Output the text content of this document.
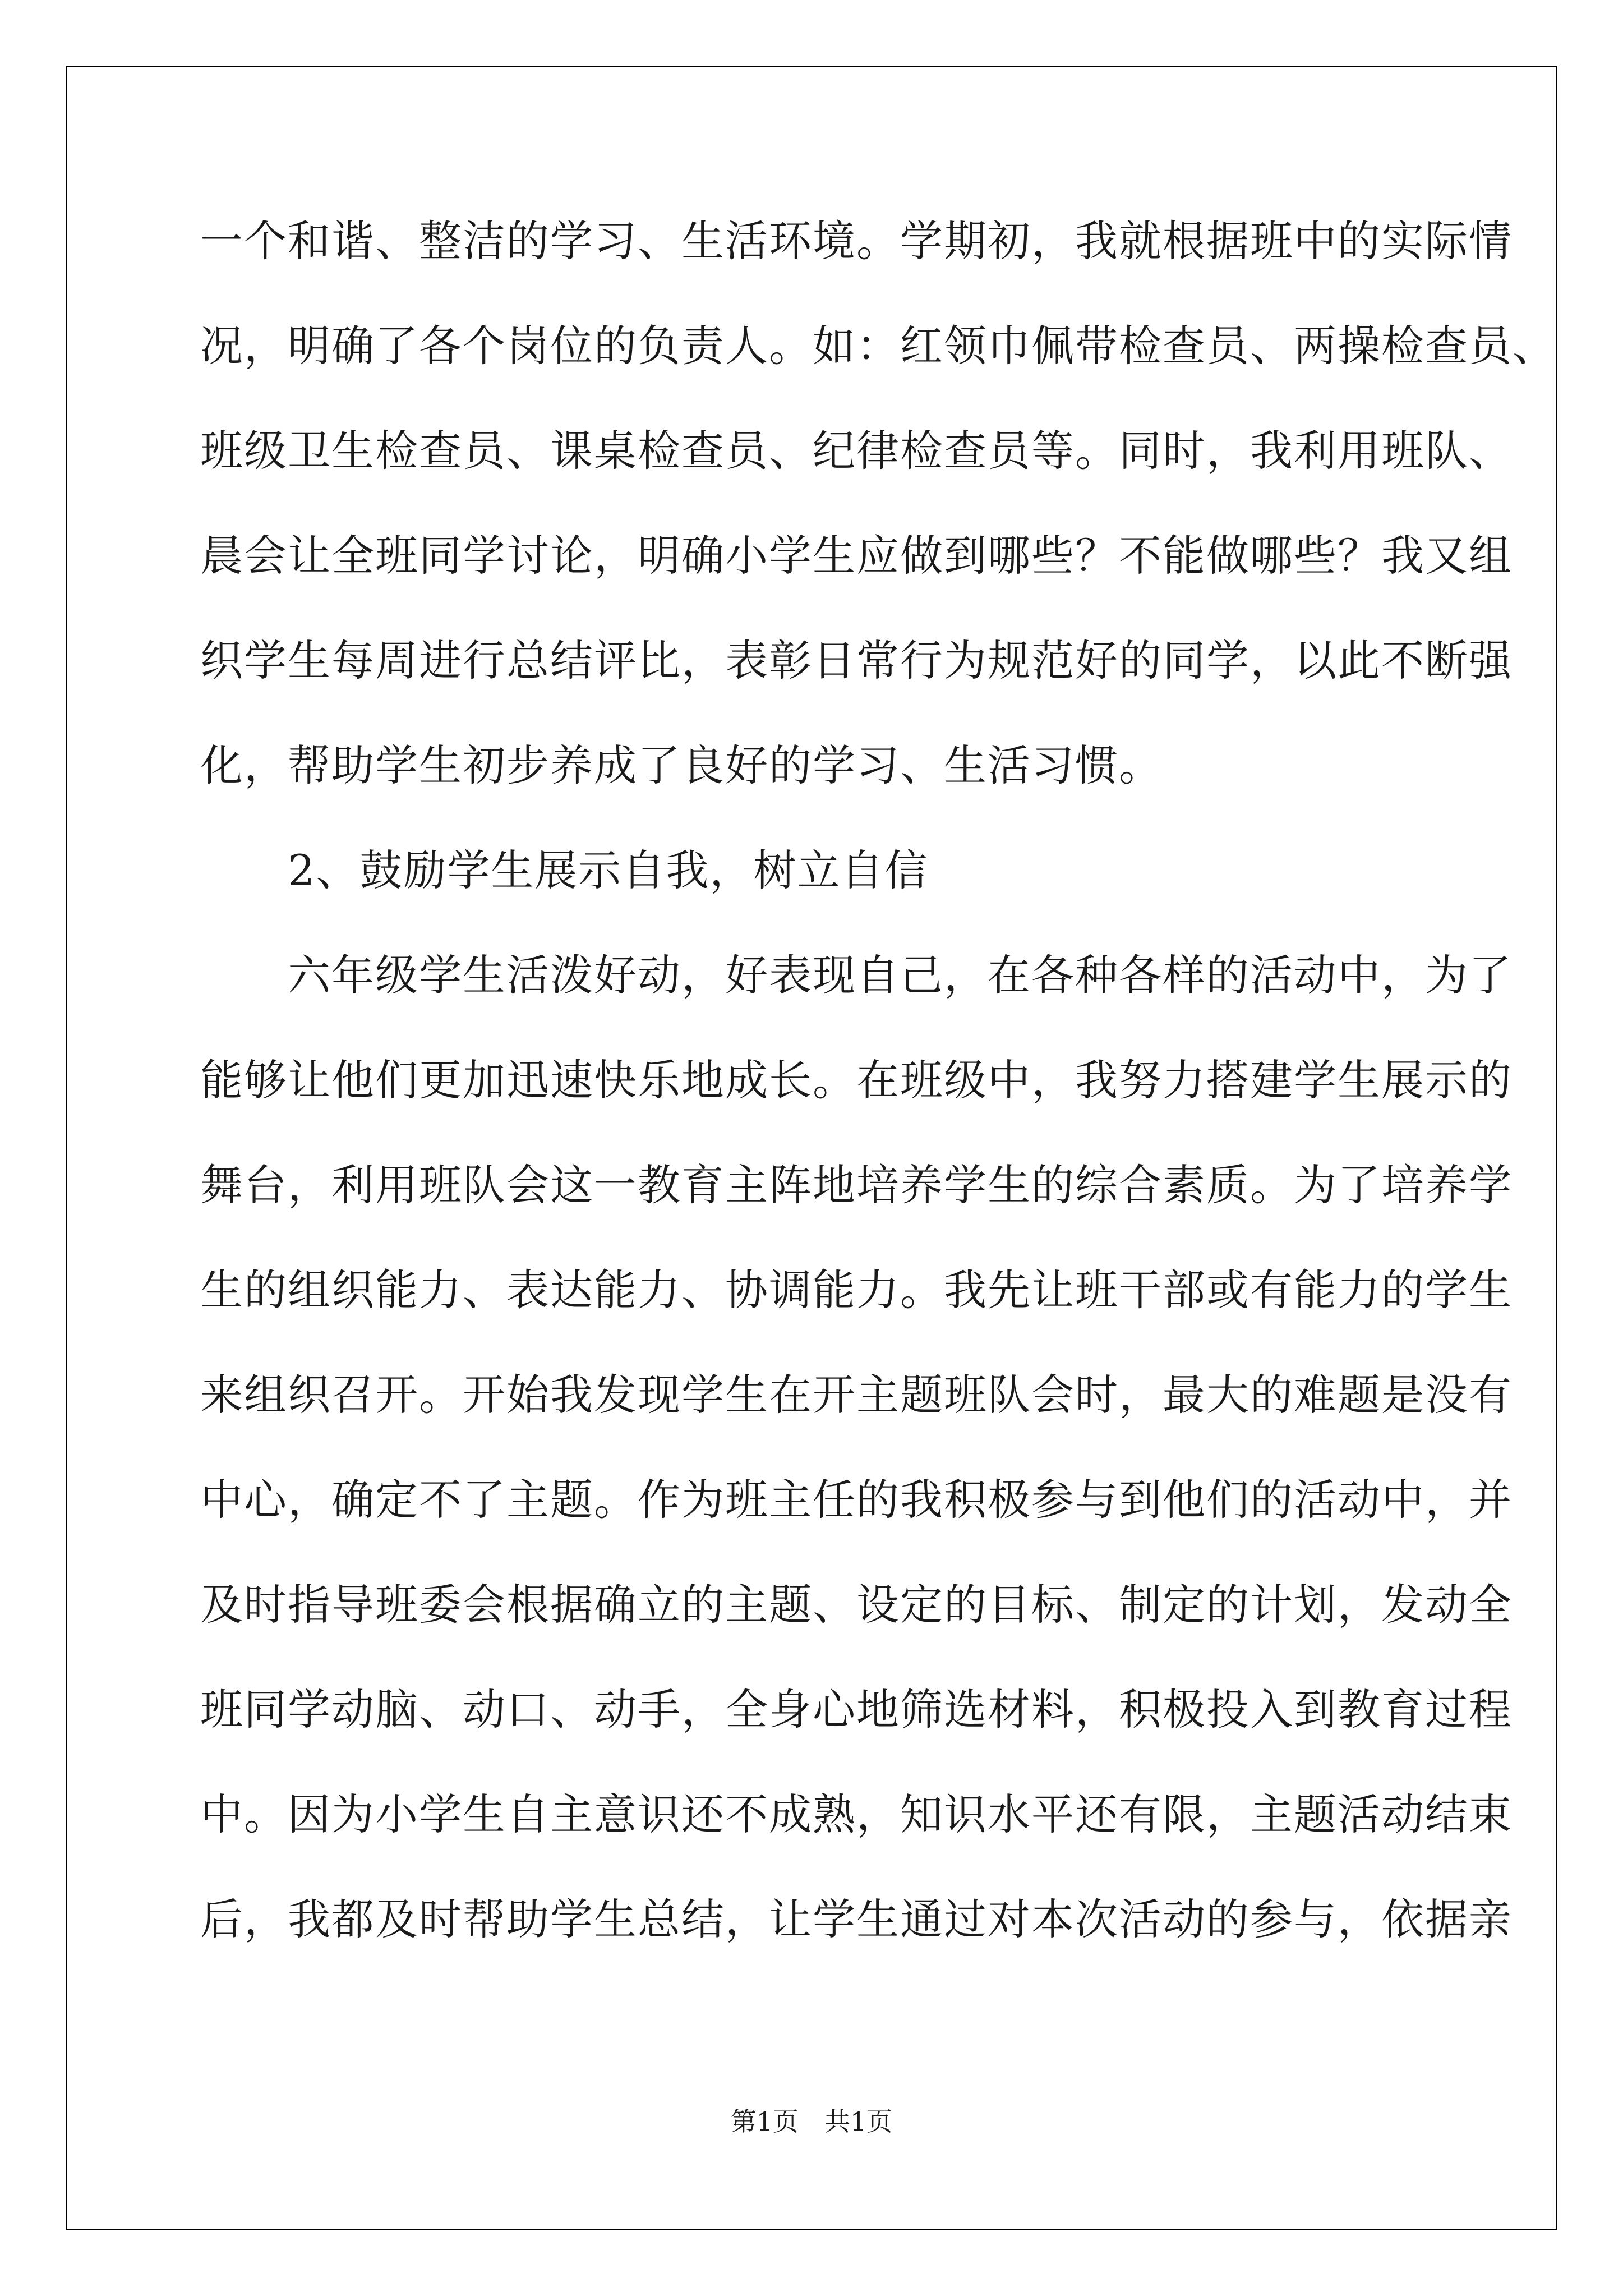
一个和谐、整洁的学习、生活环境。学期初，我就根据班中的实际情
况，明确了各个岗位的负责人。如：红领巾佩带检查员、两操检查员、
班级卫生检查员、课桌检查员、纪律检查员等。同时，我利用班队、
晨会让全班同学讨论，明确小学生应做到哪些？不能做哪些？我又组
织学生每周进行总结评比，表彰日常行为规范好的同学，以此不断强
化，帮助学生初步养成了良好的学习、生活习惯。
　　2、鼓励学生展示自我，树立自信
　　六年级学生活泼好动，好表现自己，在各种各样的活动中，为了
能够让他们更加迅速快乐地成长。在班级中，我努力搭建学生展示的
舞台，利用班队会这一教育主阵地培养学生的综合素质。为了培养学
生的组织能力、表达能力、协调能力。我先让班干部或有能力的学生
来组织召开。开始我发现学生在开主题班队会时，最大的难题是没有
中心，确定不了主题。作为班主任的我积极参与到他们的活动中，并
及时指导班委会根据确立的主题、设定的目标、制定的计划，发动全
班同学动脑、动口、动手，全身心地筛选材料，积极投入到教育过程
中。因为小学生自主意识还不成熟，知识水平还有限，主题活动结束
后，我都及时帮助学生总结，让学生通过对本次活动的参与，依据亲
第1页　共1页
